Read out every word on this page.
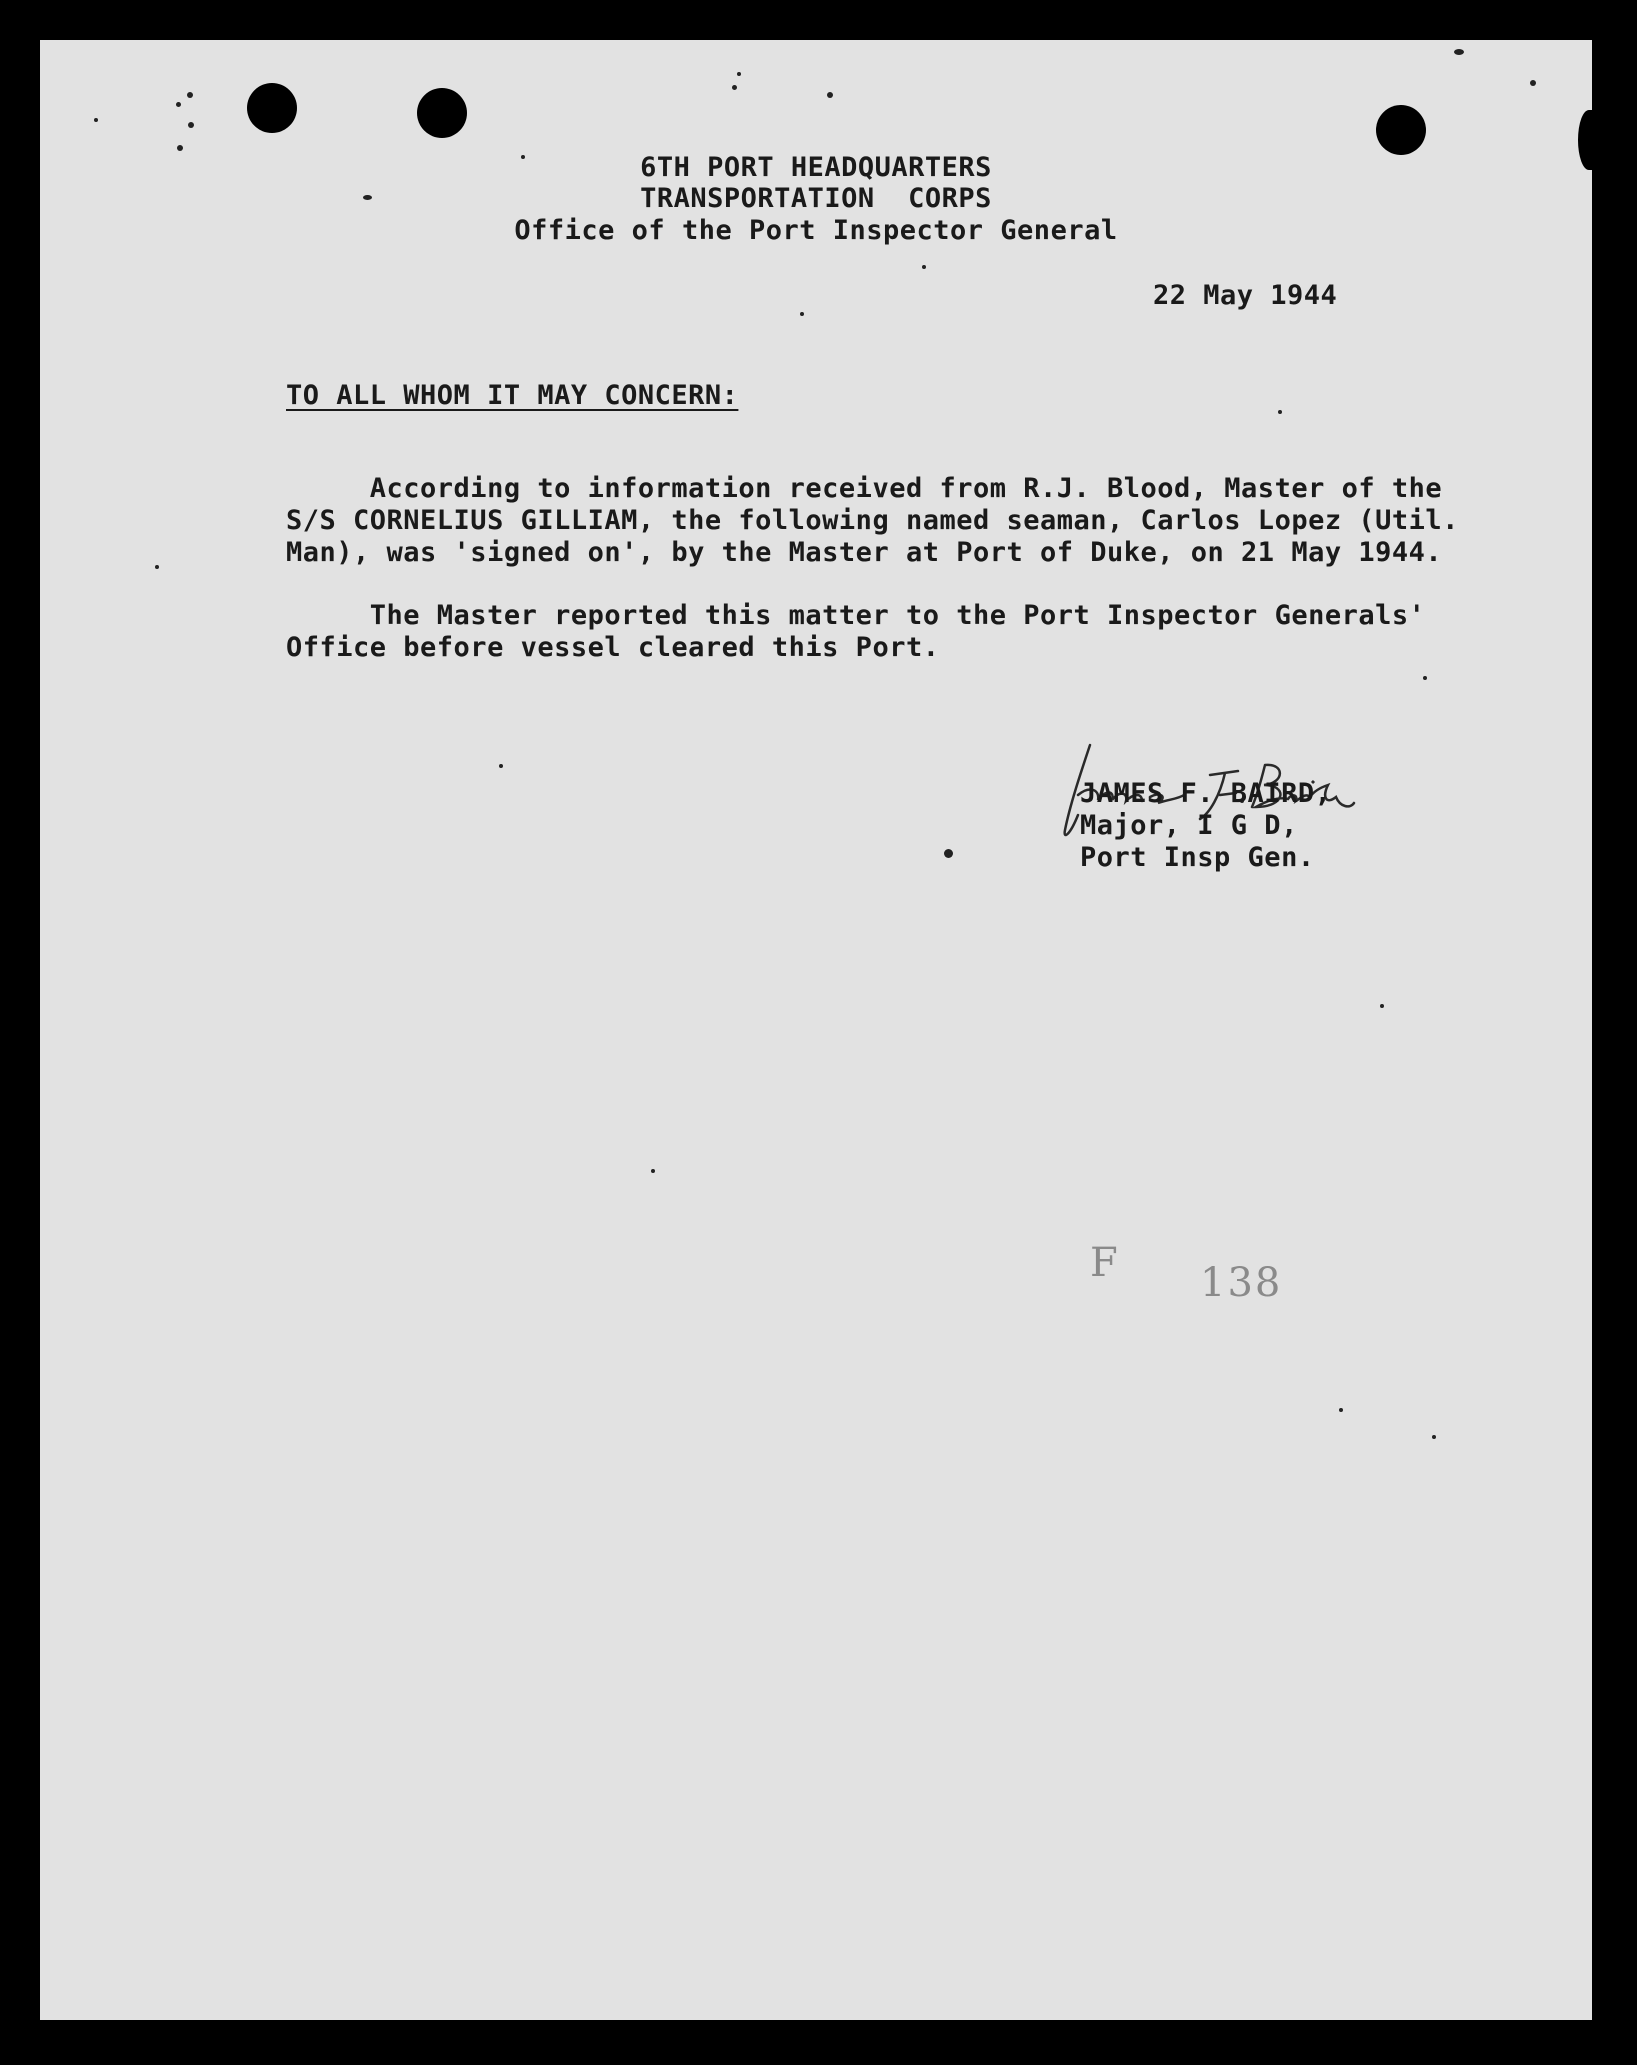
6TH PORT HEADQUARTERS

TRANSPORTATION  CORPS

Office of the Port Inspector General

22 May 1944

TO ALL WHOM IT MAY CONCERN:

According to information received from R.J. Blood, Master of the

S/S CORNELIUS GILLIAM, the following named seaman, Carlos Lopez (Util.

Man), was 'signed on', by the Master at Port of Duke, on 21 May 1944.

The Master reported this matter to the Port Inspector Generals'

Office before vessel cleared this Port.

JAMES F. BAIRD,

Major, I G D,

Port Insp Gen.

F 138
